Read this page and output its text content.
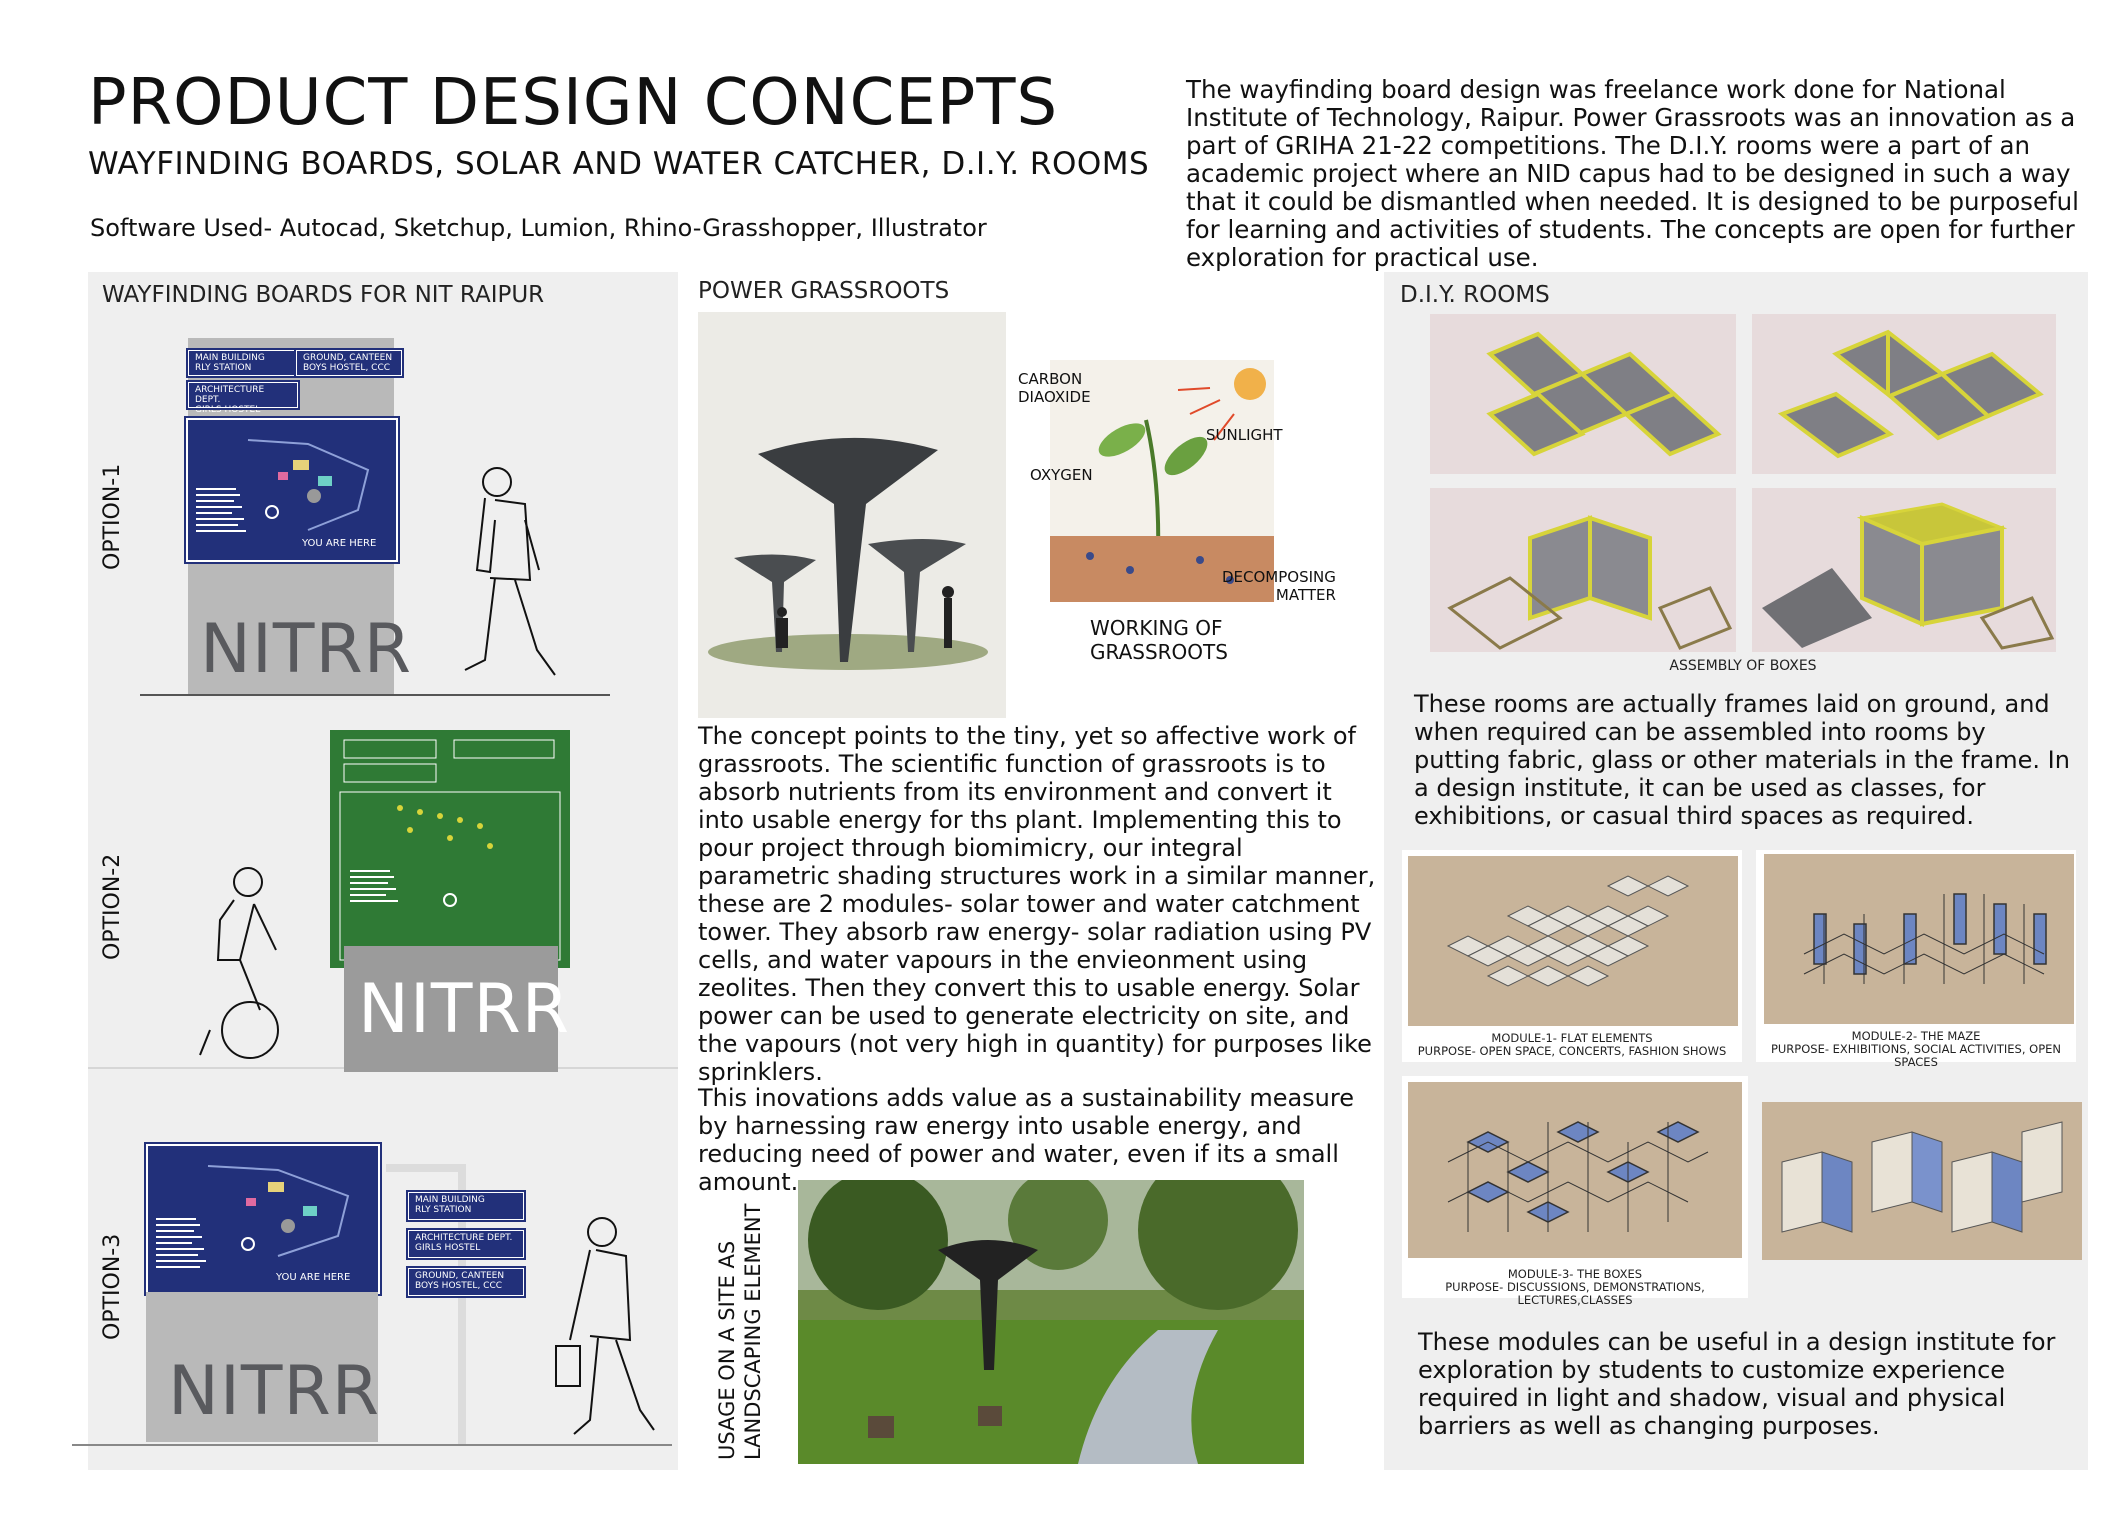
PRODUCT DESIGN CONCEPTS
WAYFINDING BOARDS, SOLAR AND WATER CATCHER, D.I.Y. ROOMS
Software Used- Autocad, Sketchup, Lumion, Rhino-Grasshopper, Illustrator
The wayfinding board design was freelance work done for National Institute of Technology, Raipur. Power Grassroots was an innovation as a part of GRIHA 21-22 competitions. The D.I.Y. rooms were a part of an academic project where an NID capus had to be designed in such a way that it could be dismantled when needed. It is designed to be purposeful for learning and activities of students. The concepts are open for further exploration for practical use.
WAYFINDING BOARDS FOR NIT RAIPUR
OPTION-1
OPTION-2
OPTION-3
MAIN BUILDING
RLY STATION
GROUND, CANTEEN
BOYS HOSTEL, CCC
ARCHITECTURE DEPT.
GIRLS HOSTEL
YOU ARE HERE
NITRR
NITRR
YOU ARE HERE
NITRR
MAIN BUILDING
RLY STATION
ARCHITECTURE DEPT.
GIRLS HOSTEL
GROUND, CANTEEN
BOYS HOSTEL, CCC
POWER GRASSROOTS
CARBON
DIAOXIDE
SUNLIGHT
OXYGEN
DECOMPOSING
MATTER
WORKING OF
GRASSROOTS
The concept points to the tiny, yet so affective work of grassroots. The scientific function of grassroots is to absorb nutrients from its environment and convert it into usable energy for ths plant. Implementing this to pour project through biomimicry, our integral parametric shading structures work in a similar manner, these are 2 modules- solar tower and water catchment tower. They absorb raw energy- solar radiation using PV cells, and water vapours in the envieonment using zeolites. Then they convert this to usable energy. Solar power can be used to generate electricity on site, and the vapours (not very high in quantity) for purposes like sprinklers.
This inovations adds value as a sustainability measure by harnessing raw energy into usable energy, and reducing need of power and water, even if its a small amount.
USAGE ON A SITE AS
LANDSCAPING ELEMENT
D.I.Y. ROOMS
ASSEMBLY OF BOXES
These rooms are actually frames laid on ground, and when required can be assembled into rooms by putting fabric, glass or other materials in the frame. In a design institute, it can be used as classes, for exhibitions, or casual third spaces as required.
MODULE-1- FLAT ELEMENTS
PURPOSE- OPEN SPACE, CONCERTS, FASHION SHOWS
MODULE-2- THE MAZE
PURPOSE- EXHIBITIONS, SOCIAL ACTIVITIES, OPEN SPACES
MODULE-3- THE BOXES
PURPOSE- DISCUSSIONS, DEMONSTRATIONS, LECTURES,CLASSES
These modules can be useful in a design institute for exploration by students to customize experience required in light and shadow, visual and physical barriers as well as changing purposes.
